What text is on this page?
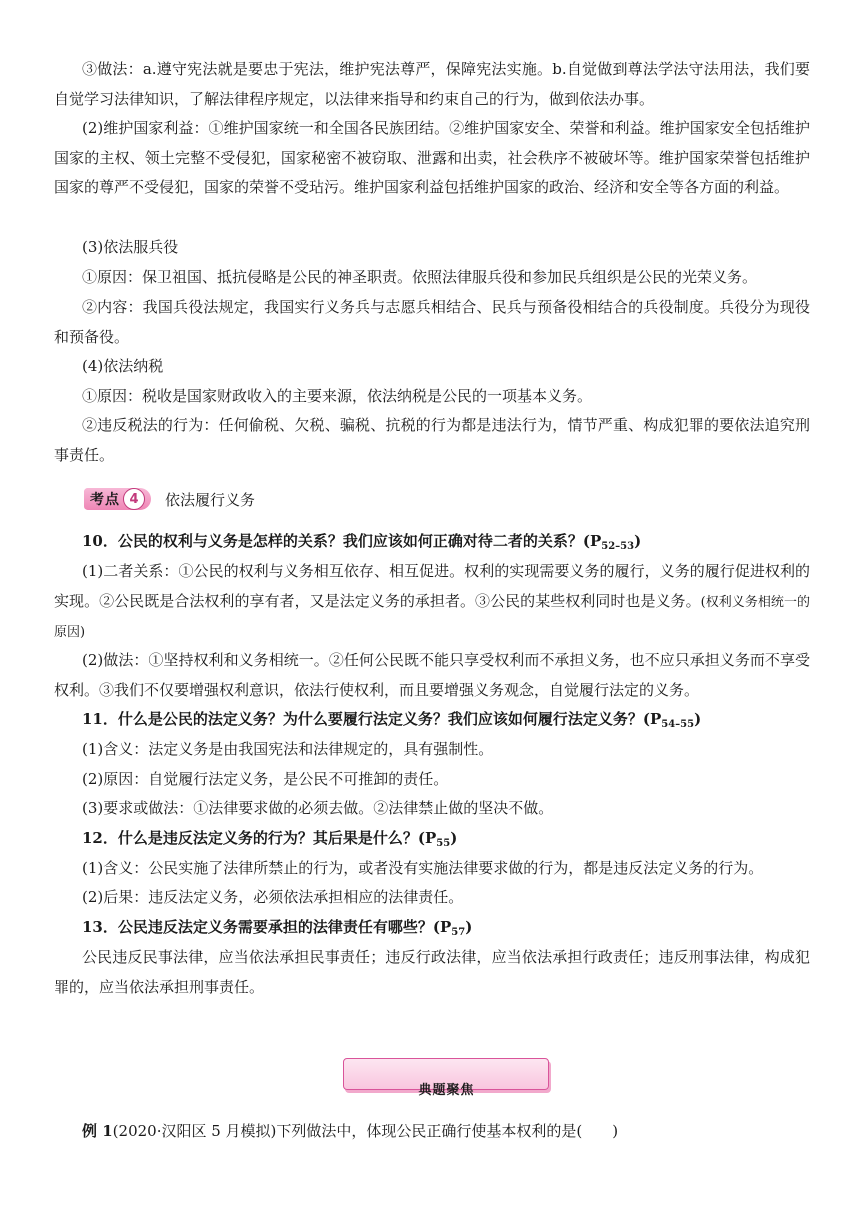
③做法：a.遵守宪法就是要忠于宪法，维护宪法尊严，保障宪法实施。b.自觉做到尊法学法守法用法，我们要自觉学习法律知识，了解法律程序规定，以法律来指导和约束自己的行为，做到依法办事。

(2)维护国家利益：①维护国家统一和全国各民族团结。②维护国家安全、荣誉和利益。维护国家安全包括维护国家的主权、领土完整不受侵犯，国家秘密不被窃取、泄露和出卖，社会秩序不被破坏等。维护国家荣誉包括维护国家的尊严不受侵犯，国家的荣誉不受玷污。维护国家利益包括维护国家的政治、经济和安全等各方面的利益。

(3)依法服兵役

①原因：保卫祖国、抵抗侵略是公民的神圣职责。依照法律服兵役和参加民兵组织是公民的光荣义务。

②内容：我国兵役法规定，我国实行义务兵与志愿兵相结合、民兵与预备役相结合的兵役制度。兵役分为现役和预备役。

(4)依法纳税

①原因：税收是国家财政收入的主要来源，依法纳税是公民的一项基本义务。

②违反税法的行为：任何偷税、欠税、骗税、抗税的行为都是违法行为，情节严重、构成犯罪的要依法追究刑事责任。

考点 4	依法履行义务

10．公民的权利与义务是怎样的关系？我们应该如何正确对待二者的关系？$(P_{52-53})$

(1)二者关系：①公民的权利与义务相互依存、相互促进。权利的实现需要义务的履行，义务的履行促进权利的实现。②公民既是合法权利的享有者，又是法定义务的承担者。③公民的某些权利同时也是义务。(权利义务相统一的原因)

(2)做法：①坚持权利和义务相统一。②任何公民既不能只享受权利而不承担义务，也不应只承担义务而不享受权利。③我们不仅要增强权利意识，依法行使权利，而且要增强义务观念，自觉履行法定的义务。

11．什么是公民的法定义务？为什么要履行法定义务？我们应该如何履行法定义务？$(P_{54-55})$

(1)含义：法定义务是由我国宪法和法律规定的，具有强制性。

(2)原因：自觉履行法定义务，是公民不可推卸的责任。

(3)要求或做法：①法律要求做的必须去做。②法律禁止做的坚决不做。

12．什么是违反法定义务的行为？其后果是什么？$(P_{55})$

(1)含义：公民实施了法律所禁止的行为，或者没有实施法律要求做的行为，都是违反法定义务的行为。

(2)后果：违反法定义务，必须依法承担相应的法律责任。

13．公民违反法定义务需要承担的法律责任有哪些？$(P_{57})$

公民违反民事法律，应当依法承担民事责任；违反行政法律，应当依法承担行政责任；违反刑事法律，构成犯罪的，应当依法承担刑事责任。

典题聚焦

例 1(2020·汉阳区 5 月模拟)下列做法中，体现公民正确行使基本权利的是(　　)
